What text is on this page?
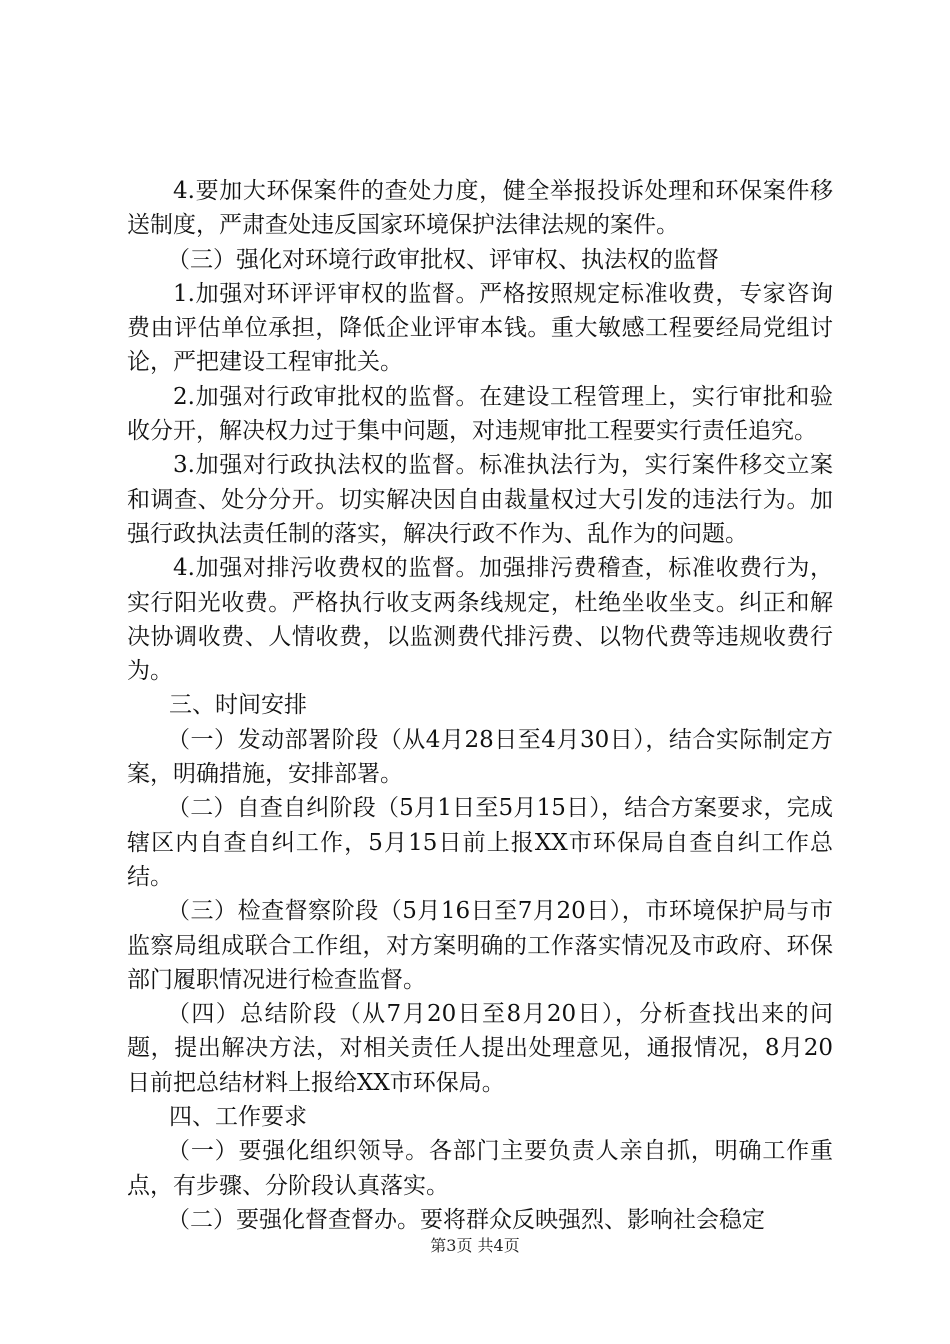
4.要加大环保案件的查处力度，健全举报投诉处理和环保案件移送制度，严肃查处违反国家环境保护法律法规的案件。

（三）强化对环境行政审批权、评审权、执法权的监督

1.加强对环评评审权的监督。严格按照规定标准收费，专家咨询费由评估单位承担，降低企业评审本钱。重大敏感工程要经局党组讨论，严把建设工程审批关。

2.加强对行政审批权的监督。在建设工程管理上，实行审批和验收分开，解决权力过于集中问题，对违规审批工程要实行责任追究。

3.加强对行政执法权的监督。标准执法行为，实行案件移交立案和调查、处分分开。切实解决因自由裁量权过大引发的违法行为。加强行政执法责任制的落实，解决行政不作为、乱作为的问题。

4.加强对排污收费权的监督。加强排污费稽查，标准收费行为，实行阳光收费。严格执行收支两条线规定，杜绝坐收坐支。纠正和解决协调收费、人情收费，以监测费代排污费、以物代费等违规收费行为。

三、时间安排

（一）发动部署阶段（从4月28日至4月30日），结合实际制定方案，明确措施，安排部署。

（二）自查自纠阶段（5月1日至5月15日），结合方案要求，完成辖区内自查自纠工作，5月15日前上报XX市环保局自查自纠工作总结。

（三）检查督察阶段（5月16日至7月20日），市环境保护局与市监察局组成联合工作组，对方案明确的工作落实情况及市政府、环保部门履职情况进行检查监督。

（四）总结阶段（从7月20日至8月20日），分析查找出来的问题，提出解决方法，对相关责任人提出处理意见，通报情况，8月20日前把总结材料上报给XX市环保局。

四、工作要求

（一）要强化组织领导。各部门主要负责人亲自抓，明确工作重点，有步骤、分阶段认真落实。

（二）要强化督查督办。要将群众反映强烈、影响社会稳定

第3页 共4页
